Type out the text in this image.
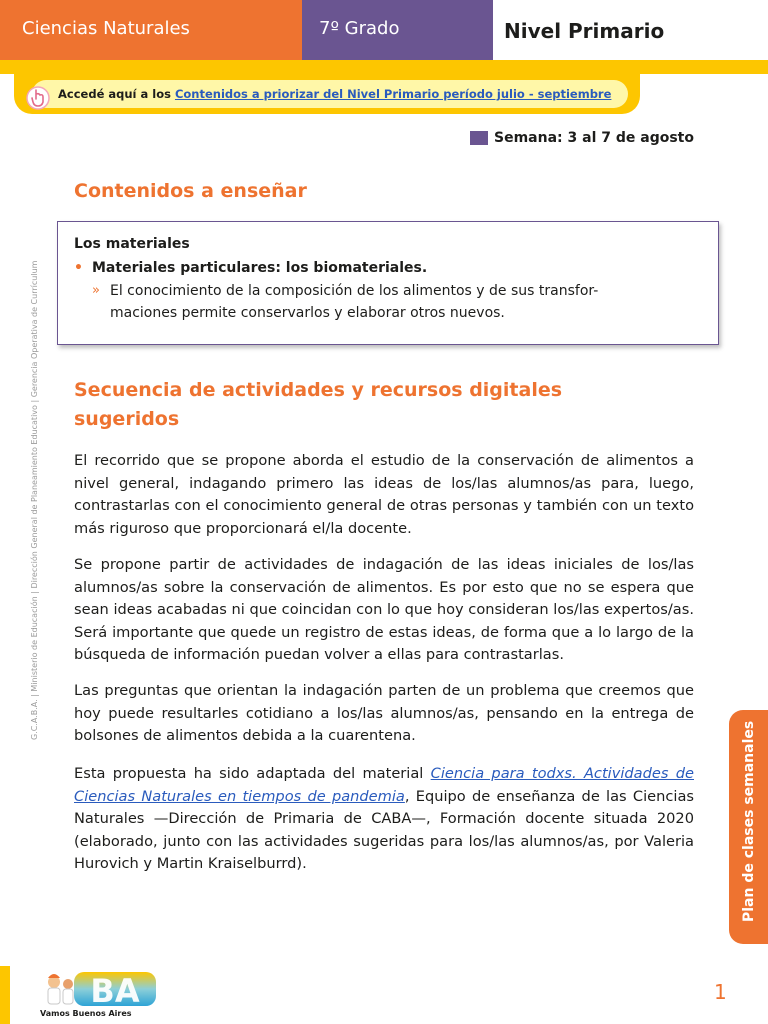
Ciencias Naturales	7º Grado	Nivel Primario
Accedé aquí a los Contenidos a priorizar del Nivel Primario período julio - septiembre
Semana: 3 al 7 de agosto
Contenidos a enseñar
Los materiales
• Materiales particulares: los biomateriales.
» El conocimiento de la composición de los alimentos y de sus transfor-
maciones permite conservarlos y elaborar otros nuevos.
Secuencia de actividades y recursos digitales
sugeridos

El recorrido que se propone aborda el estudio de la conservación de alimentos a nivel general, indagando primero las ideas de los/las alumnos/as para, luego, contrastarlas con el conocimiento general de otras personas y también con un texto más riguroso que proporcionará el/la docente.

Se propone partir de actividades de indagación de las ideas iniciales de los/las alumnos/as sobre la conservación de alimentos. Es por esto que no se espera que sean ideas acabadas ni que coincidan con lo que hoy consideran los/las expertos/as. Será importante que quede un registro de estas ideas, de forma que a lo largo de la búsqueda de información puedan volver a ellas para contrastarlas.

Las preguntas que orientan la indagación parten de un problema que creemos que hoy puede resultarles cotidiano a los/las alumnos/as, pensando en la entrega de bolsones de alimentos debida a la cuarentena.

Esta propuesta ha sido adaptada del material Ciencia para todxs. Actividades de Ciencias Naturales en tiempos de pandemia, Equipo de enseñanza de las Ciencias Naturales —Dirección de Primaria de CABA—, Formación docente situada 2020 (elaborado, junto con las actividades sugeridas para los/las alumnos/as, por Valeria Hurovich y Martin Kraiselburrd).

G.C.A.B.A. | Ministerio de Educación | Dirección General de Planeamiento Educativo | Gerencia Operativa de Currículum
Plan de clases semanales
1
BA
Vamos Buenos Aires
